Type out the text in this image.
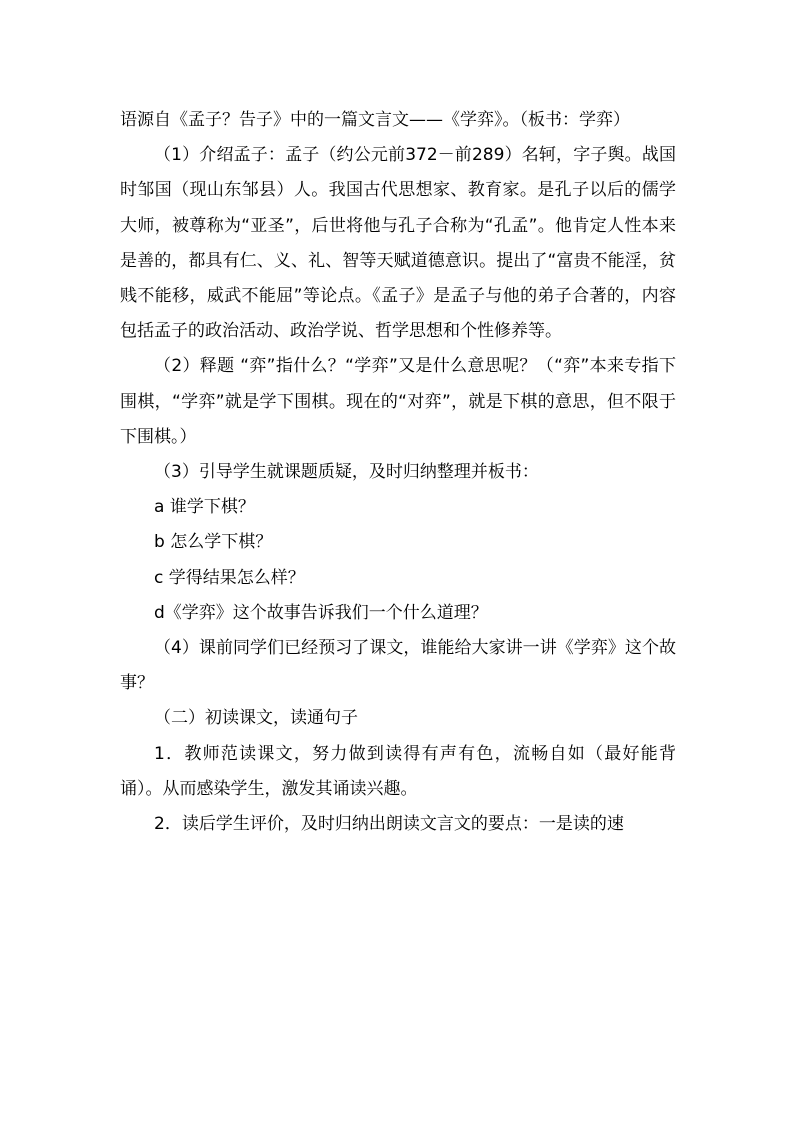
语源自《孟子？告子》中的一篇文言文——《学弈》。（板书：学弈）

（1）介绍孟子：孟子（约公元前372－前289）名轲，字子舆。战国时邹国（现山东邹县）人。我国古代思想家、教育家。是孔子以后的儒学大师，被尊称为“亚圣”，后世将他与孔子合称为“孔孟”。他肯定人性本来是善的，都具有仁、义、礼、智等天赋道德意识。提出了“富贵不能淫，贫贱不能移，威武不能屈”等论点。《孟子》是孟子与他的弟子合著的，内容包括孟子的政治活动、政治学说、哲学思想和个性修养等。

（2）释题 “弈”指什么？“学弈”又是什么意思呢？（“弈”本来专指下围棋，“学弈”就是学下围棋。现在的“对弈”，就是下棋的意思，但不限于下围棋。）

（3）引导学生就课题质疑，及时归纳整理并板书：

a 谁学下棋？

b 怎么学下棋？

c 学得结果怎么样？

d《学弈》这个故事告诉我们一个什么道理？

（4）课前同学们已经预习了课文，谁能给大家讲一讲《学弈》这个故事？

（二）初读课文，读通句子

1．教师范读课文，努力做到读得有声有色，流畅自如（最好能背诵）。从而感染学生，激发其诵读兴趣。

2．读后学生评价，及时归纳出朗读文言文的要点：一是读的速
